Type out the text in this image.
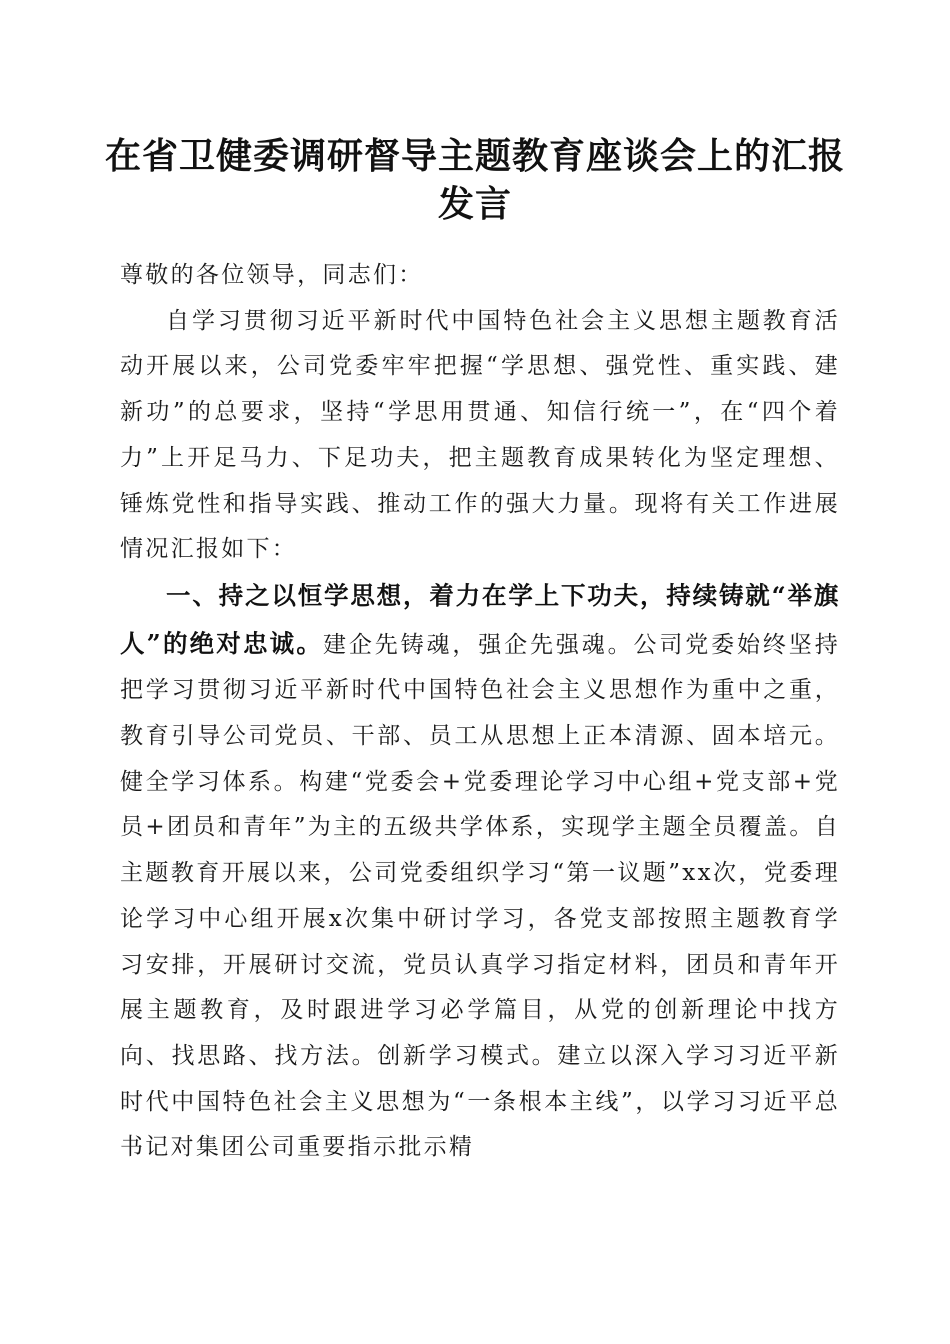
在省卫健委调研督导主题教育座谈会上的汇报发言

尊敬的各位领导，同志们：

自学习贯彻习近平新时代中国特色社会主义思想主题教育活动开展以来，公司党委牢牢把握“学思想、强党性、重实践、建新功”的总要求，坚持“学思用贯通、知信行统一”，在“四个着力”上开足马力、下足功夫，把主题教育成果转化为坚定理想、锤炼党性和指导实践、推动工作的强大力量。现将有关工作进展情况汇报如下：

一、持之以恒学思想，着力在学上下功夫，持续铸就“举旗人”的绝对忠诚。建企先铸魂，强企先强魂。公司党委始终坚持把学习贯彻习近平新时代中国特色社会主义思想作为重中之重，教育引导公司党员、干部、员工从思想上正本清源、固本培元。健全学习体系。构建“党委会+党委理论学习中心组+党支部+党员+团员和青年”为主的五级共学体系，实现学主题全员覆盖。自主题教育开展以来，公司党委组织学习“第一议题”xx次，党委理论学习中心组开展x次集中研讨学习，各党支部按照主题教育学习安排，开展研讨交流，党员认真学习指定材料，团员和青年开展主题教育，及时跟进学习必学篇目，从党的创新理论中找方向、找思路、找方法。创新学习模式。建立以深入学习习近平新时代中国特色社会主义思想为“一条根本主线”，以学习习近平总书记对集团公司重要指示批示精
